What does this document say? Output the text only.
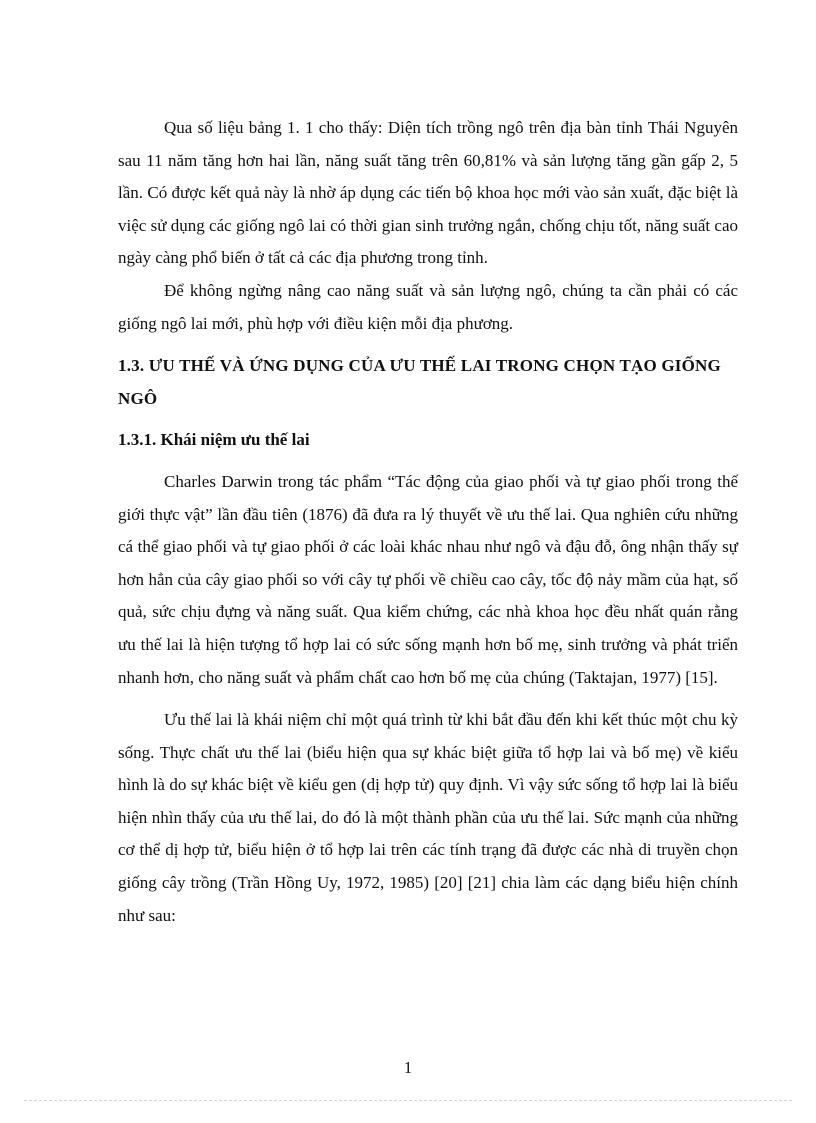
Qua số liệu bảng 1. 1 cho thấy: Diện tích trồng ngô trên địa bàn tỉnh Thái Nguyên sau 11 năm tăng hơn hai lần, năng suất tăng trên 60,81% và sản lượng tăng gần gấp 2, 5 lần. Có được kết quả này là nhờ áp dụng các tiến bộ khoa học mới vào sản xuất, đặc biệt là việc sử dụng các giống ngô lai có thời gian sinh trưởng ngắn, chống chịu tốt, năng suất cao ngày càng phổ biến ở tất cả các địa phương trong tỉnh.

Để không ngừng nâng cao năng suất và sản lượng ngô, chúng ta cần phải có các giống ngô lai mới, phù hợp với điều kiện mỗi địa phương.

1.3. ƯU THẾ VÀ ỨNG DỤNG CỦA ƯU THẾ LAI TRONG CHỌN TẠO GIỐNG NGÔ
1.3.1. Khái niệm ưu thế lai

Charles Darwin trong tác phẩm “Tác động của giao phối và tự giao phối trong thế giới thực vật” lần đầu tiên (1876) đã đưa ra lý thuyết về ưu thế lai. Qua nghiên cứu những cá thể giao phối và tự giao phối ở các loài khác nhau như ngô và đậu đỗ, ông nhận thấy sự hơn hẳn của cây giao phối so với cây tự phối về chiều cao cây, tốc độ nảy mầm của hạt, số quả, sức chịu đựng và năng suất. Qua kiểm chứng, các nhà khoa học đều nhất quán rằng ưu thế lai là hiện tượng tổ hợp lai có sức sống mạnh hơn bố mẹ, sinh trưởng và phát triển nhanh hơn, cho năng suất và phẩm chất cao hơn bố mẹ của chúng (Taktajan, 1977) [15].

Ưu thế lai là khái niệm chỉ một quá trình từ khi bắt đầu đến khi kết thúc một chu kỳ sống. Thực chất ưu thế lai (biểu hiện qua sự khác biệt giữa tổ hợp lai và bố mẹ) về kiểu hình là do sự khác biệt về kiểu gen (dị hợp tử) quy định. Vì vậy sức sống tổ hợp lai là biểu hiện nhìn thấy của ưu thế lai, do đó là một thành phần của ưu thế lai. Sức mạnh của những cơ thể dị hợp tử, biểu hiện ở tổ hợp lai trên các tính trạng đã được các nhà di truyền chọn giống cây trồng (Trần Hồng Uy, 1972, 1985) [20] [21] chia làm các dạng biểu hiện chính như sau:

1
